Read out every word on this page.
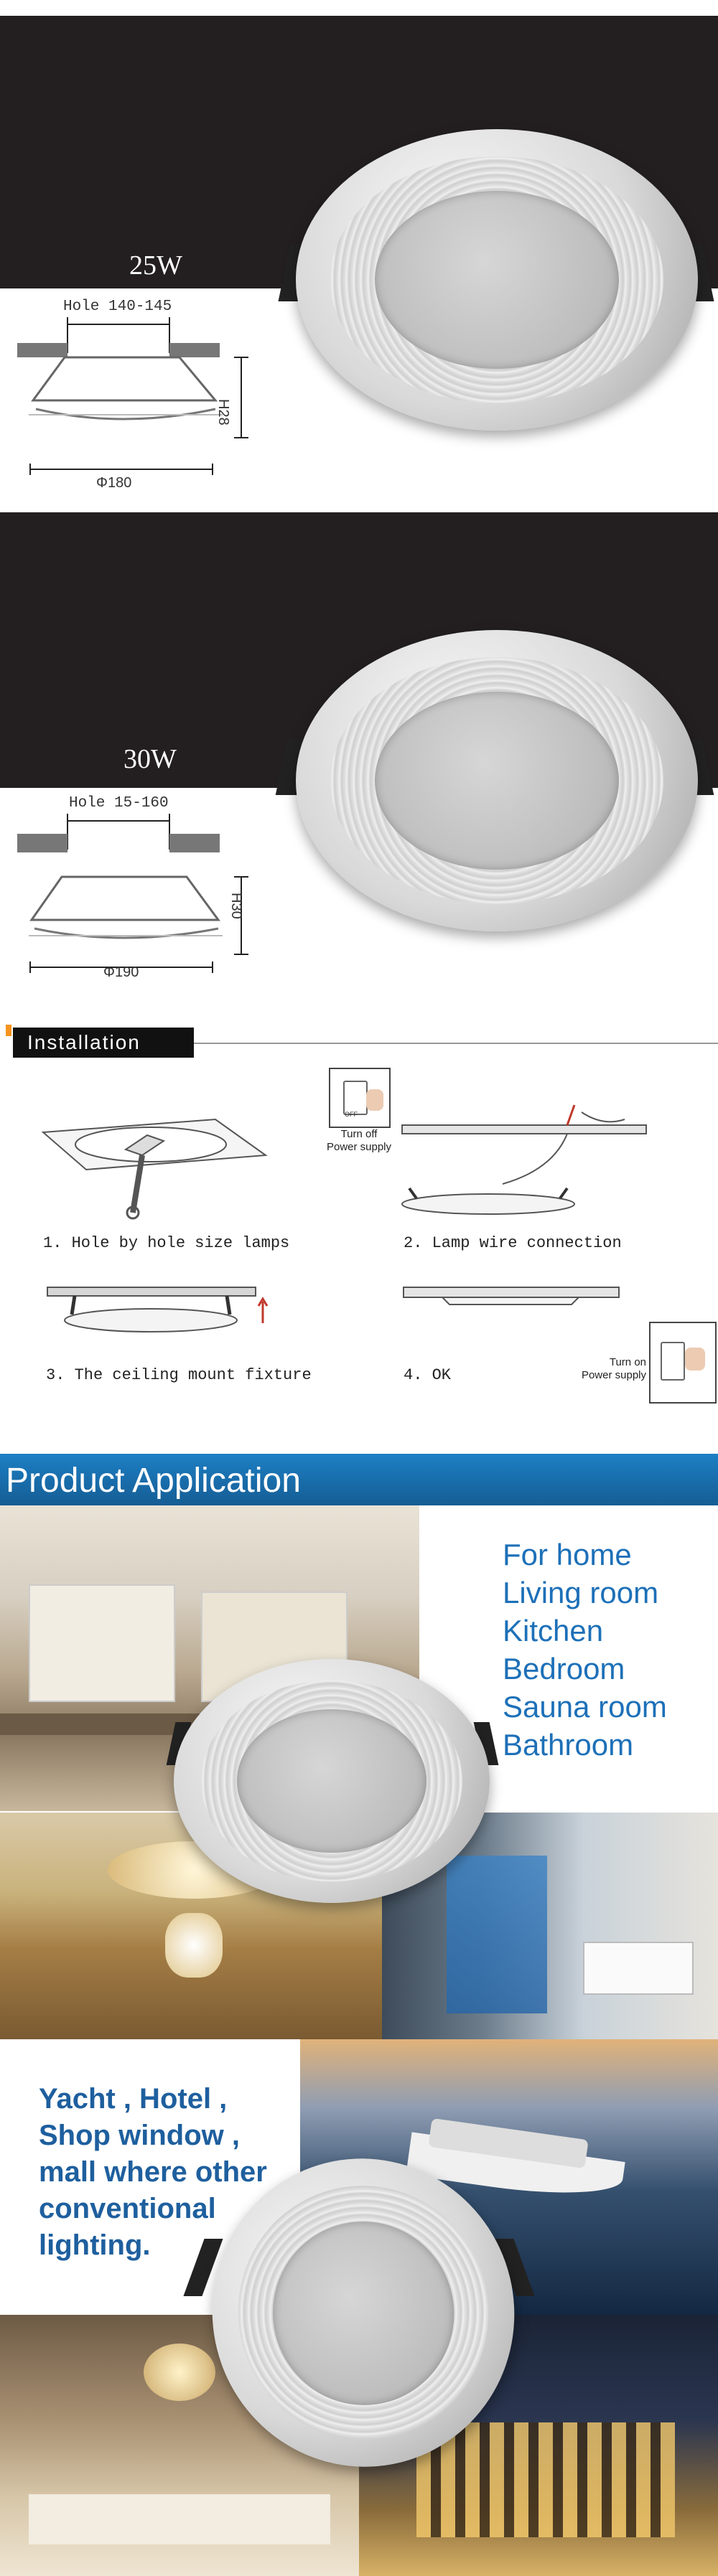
25W
Hole 140-145
H28
Φ180
30W
Hole 15-160
H30
Φ190
Installation
1. Hole by hole size lamps
OFF
Turn off
Power supply
2. Lamp wire connection
3. The ceiling mount fixture	4. OK
Turn on
Power supply
Product Application
For home
Living room
Kitchen
Bedroom
Sauna room
Bathroom
Yacht , Hotel ,
Shop window ,
mall where other
conventional
lighting.
